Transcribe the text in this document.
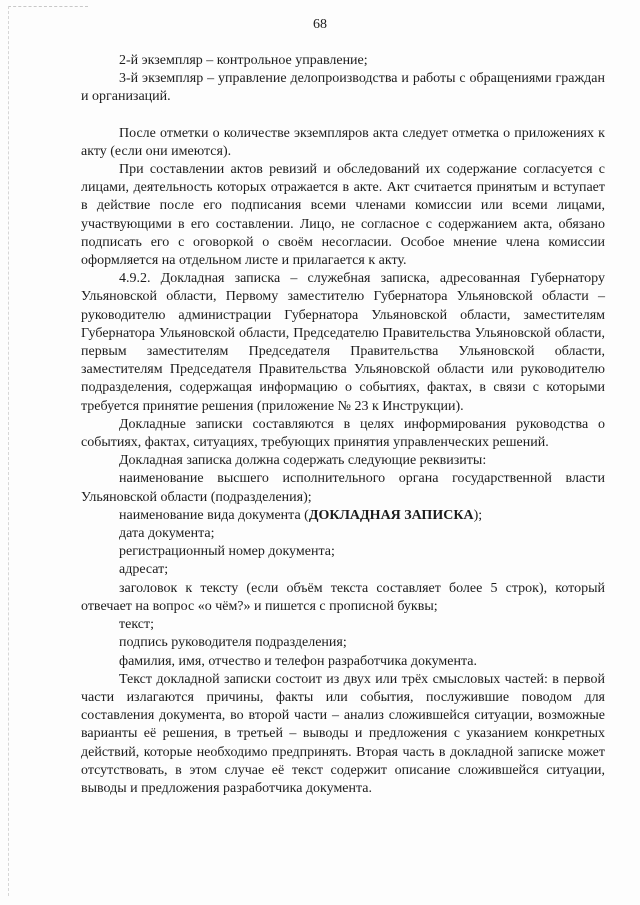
68

2-й экземпляр – контрольное управление;

3-й экземпляр – управление делопроизводства и работы с обращениями граждан и организаций.

После отметки о количестве экземпляров акта следует отметка о приложениях к акту (если они имеются).

При составлении актов ревизий и обследований их содержание согласуется с лицами, деятельность которых отражается в акте. Акт считается принятым и вступает в действие после его подписания всеми членами комиссии или всеми лицами, участвующими в его составлении. Лицо, не согласное с содержанием акта, обязано подписать его с оговоркой о своём несогласии. Особое мнение члена комиссии оформляется на отдельном листе и прилагается к акту.

4.9.2. Докладная записка – служебная записка, адресованная Губернатору Ульяновской области, Первому заместителю Губернатора Ульяновской области – руководителю администрации Губернатора Ульяновской области, заместителям Губернатора Ульяновской области, Председателю Правительства Ульяновской области, первым заместителям Председателя Правительства Ульяновской области, заместителям Председателя Правительства Ульяновской области или руководителю подразделения, содержащая информацию о событиях, фактах, в связи с которыми требуется принятие решения (приложение № 23 к Инструкции).

Докладные записки составляются в целях информирования руководства о событиях, фактах, ситуациях, требующих принятия управленческих решений.

Докладная записка должна содержать следующие реквизиты:

наименование высшего исполнительного органа государственной власти Ульяновской области (подразделения);

наименование вида документа (ДОКЛАДНАЯ ЗАПИСКА);

дата документа;

регистрационный номер документа;

адресат;

заголовок к тексту (если объём текста составляет более 5 строк), который отвечает на вопрос «о чём?» и пишется с прописной буквы;

текст;

подпись руководителя подразделения;

фамилия, имя, отчество и телефон разработчика документа.

Текст докладной записки состоит из двух или трёх смысловых частей: в первой части излагаются причины, факты или события, послужившие поводом для составления документа, во второй части – анализ сложившейся ситуации, возможные варианты её решения, в третьей – выводы и предложения с указанием конкретных действий, которые необходимо предпринять. Вторая часть в докладной записке может отсутствовать, в этом случае её текст содержит описание сложившейся ситуации, выводы и предложения разработчика документа.
